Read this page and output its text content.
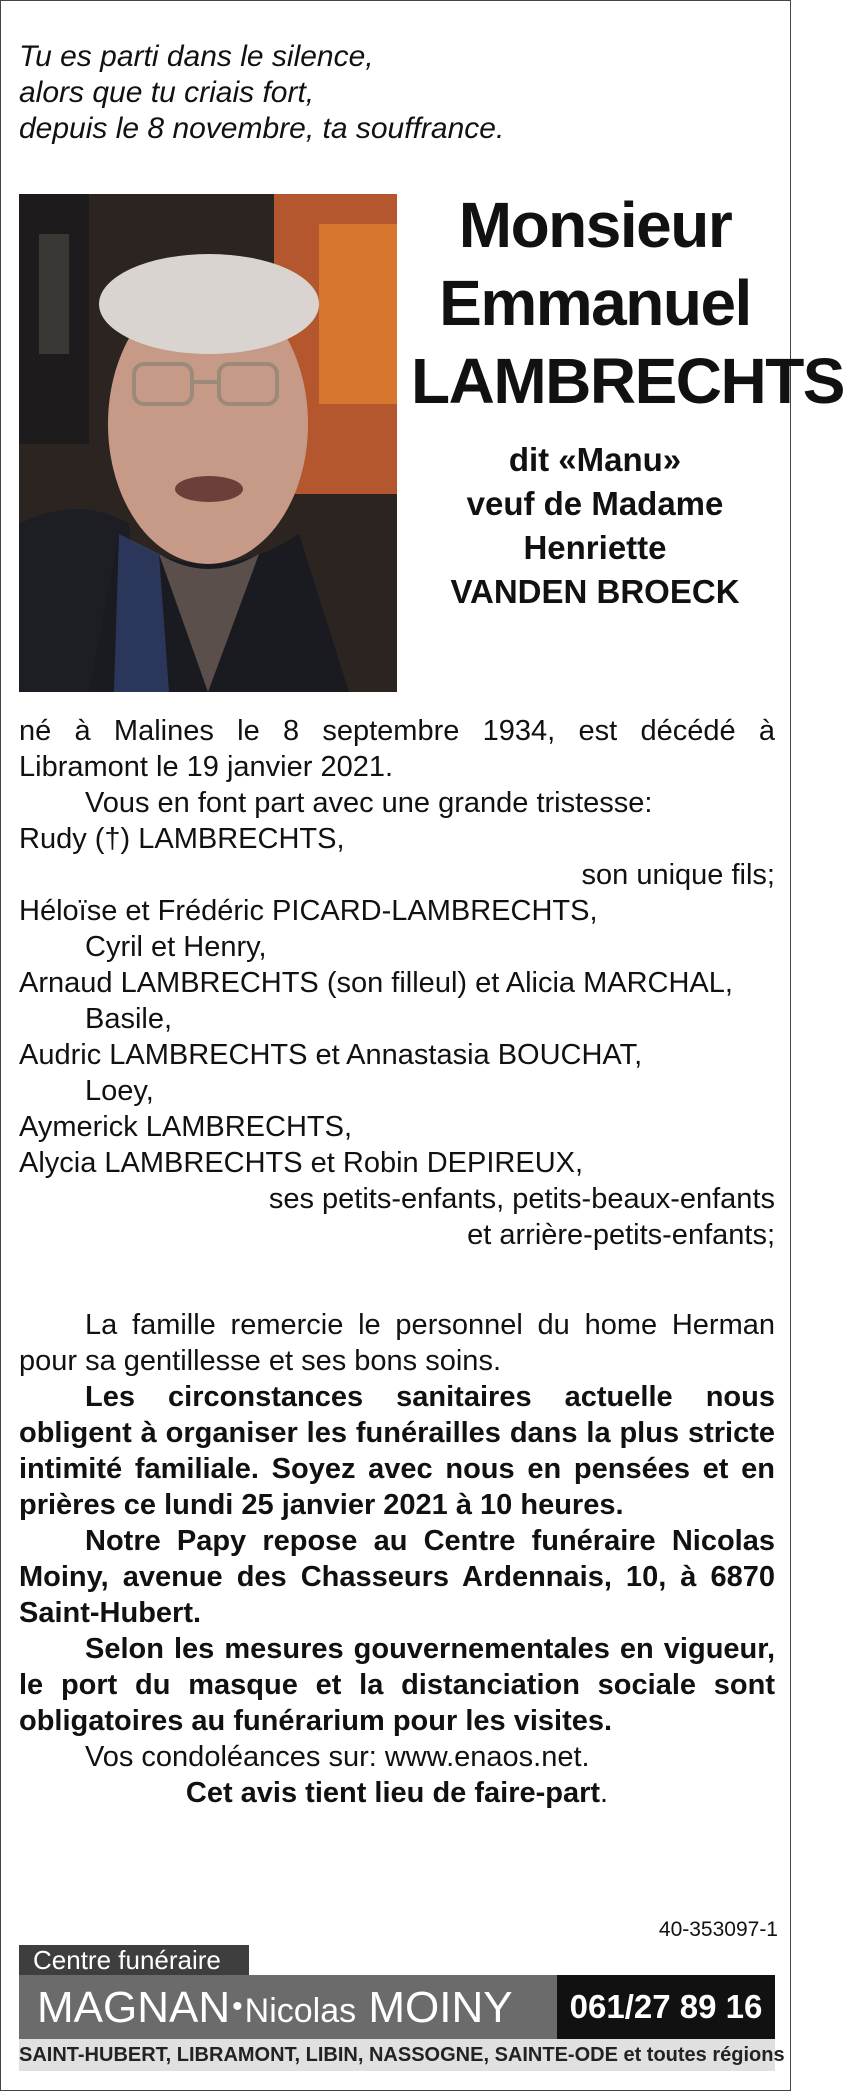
Tu es parti dans le silence,
alors que tu criais fort,
depuis le 8 novembre, ta souffrance.
Monsieur
Emmanuel
LAMBRECHTS
dit «Manu»
veuf de Madame
Henriette
VANDEN BROECK

né à Malines le 8 septembre 1934, est décédé à Libramont le 19 janvier 2021.

Vous en font part avec une grande tristesse:

Rudy (†) LAMBRECHTS,
son unique fils;
Héloïse et Frédéric PICARD-LAMBRECHTS,
Cyril et Henry,
Arnaud LAMBRECHTS (son filleul) et Alicia MARCHAL,
Basile,
Audric LAMBRECHTS et Annastasia BOUCHAT,
Loey,
Aymerick LAMBRECHTS,
Alycia LAMBRECHTS et Robin DEPIREUX,
ses petits-enfants, petits-beaux-enfants
et arrière-petits-enfants;

La famille remercie le personnel du home Herman pour sa gentillesse et ses bons soins.

Les circonstances sanitaires actuelle nous obligent à organiser les funérailles dans la plus stricte intimité familiale. Soyez avec nous en pensées et en prières ce lundi 25 janvier 2021 à 10 heures.

Notre Papy repose au Centre funéraire Nicolas Moiny, avenue des Chasseurs Ardennais, 10, à 6870 Saint-Hubert.

Selon les mesures gouvernementales en vigueur, le port du masque et la distanciation sociale sont obligatoires au funérarium pour les visites.

Vos condoléances sur: www.enaos.net.

Cet avis tient lieu de faire-part.

40-353097-1
Centre funéraire
MAGNAN•Nicolas MOINY	061/27 89 16
SAINT-HUBERT, LIBRAMONT, LIBIN, NASSOGNE, SAINTE-ODE et toutes régions
